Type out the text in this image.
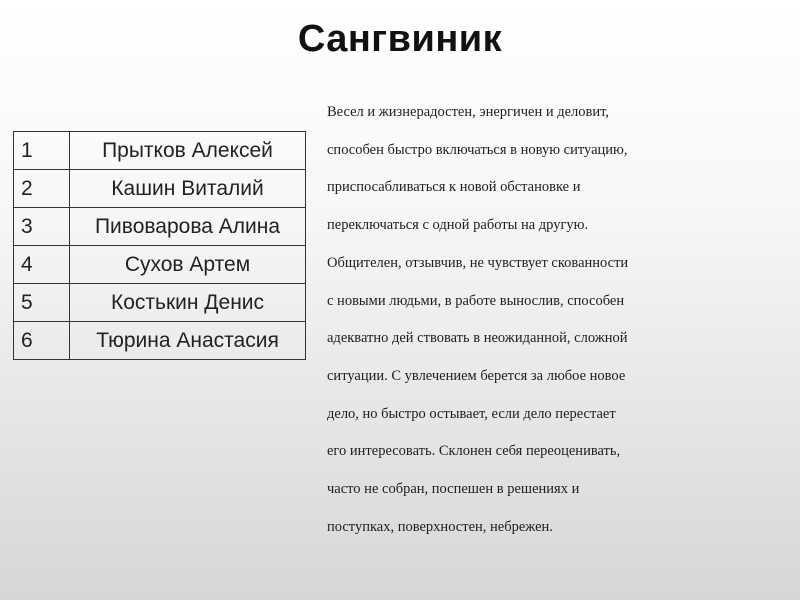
Сангвиник
1	Прытков Алексей
2	Кашин Виталий
3	Пивоварова Алина
4	Сухов Артем
5	Костькин Денис
6	Тюрина Анастасия
Весел и жизнерадостен, энергичен и деловит,
способен быстро включаться в новую ситуацию,
приспосабливаться к новой обстановке и
переключаться с одной работы на другую.
Общителен, отзывчив, не чувствует скованности
с новыми людьми, в работе вынослив, способен
адекватно дей ствовать в неожиданной, сложной
ситуации. С увлечением берется за любое новое
дело, но быстро остывает, если дело перестает
его интересовать. Склонен себя переоценивать,
часто не собран, поспешен в решениях и
поступках, поверхностен, небрежен.
